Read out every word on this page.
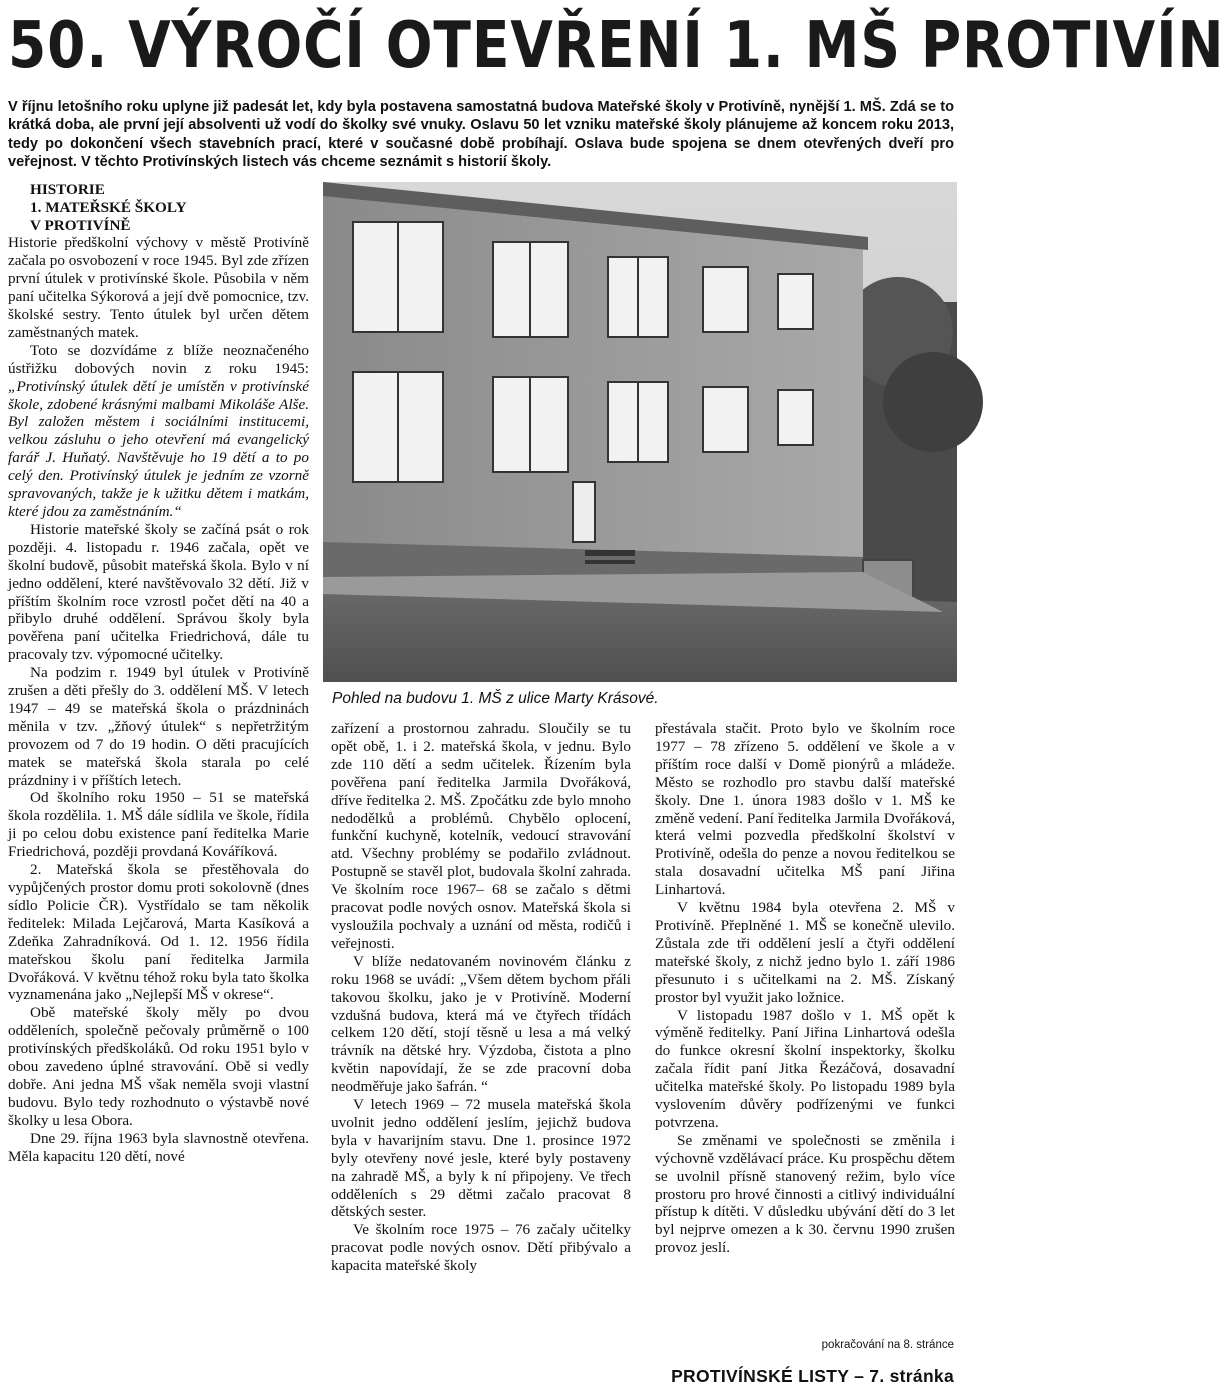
50. VÝROČÍ OTEVŘENÍ 1. MŠ PROTIVÍN
V říjnu letošního roku uplyne již padesát let, kdy byla postavena samostatná budova Mateřské školy v Protivíně, nynější 1. MŠ. Zdá se to krátká doba, ale první její absolventi už vodí do školky své vnuky. Oslavu 50 let vzniku mateřské školy plánujeme až koncem roku 2013, tedy po dokončení všech stavebních prací, které v současné době probíhají. Oslava bude spojena se dnem otevřených dveří pro veřejnost. V těchto Protivínských listech vás chceme seznámit s historií školy.

HISTORIE

1. MATEŘSKÉ ŠKOLY

V PROTIVÍNĚ

Historie předškolní výchovy v městě Protivíně začala po osvobození v roce 1945. Byl zde zřízen první útulek v protivínské škole. Působila v něm paní učitelka Sýkorová a její dvě pomocnice, tzv. školské sestry. Tento útulek byl určen dětem zaměstnaných matek.

Toto se dozvídáme z blíže neoznačeného ústřižku dobových novin z roku 1945: „Protivínský útulek dětí je umístěn v protivínské škole, zdobené krásnými malbami Mikoláše Alše. Byl založen městem i sociálními institucemi, velkou zásluhu o jeho otevření má evangelický farář J. Huňatý. Navštěvuje ho 19 dětí a to po celý den. Protivínský útulek je jedním ze vzorně spravovaných, takže je k užitku dětem i matkám, které jdou za zaměstnáním.“

Historie mateřské školy se začíná psát o rok později. 4. listopadu r. 1946 začala, opět ve školní budově, působit mateřská škola. Bylo v ní jedno oddělení, které navštěvovalo 32 dětí. Již v příštím školním roce vzrostl počet dětí na 40 a přibylo druhé oddělení. Správou školy byla pověřena paní učitelka Friedrichová, dále tu pracovaly tzv. výpomocné učitelky.

Na podzim r. 1949 byl útulek v Protivíně zrušen a děti přešly do 3. oddělení MŠ. V letech 1947 – 49 se mateřská škola o prázdninách měnila v tzv. „žňový útulek“ s nepřetržitým provozem od 7 do 19 hodin. O děti pracujících matek se mateřská škola starala po celé prázdniny i v příštích letech.

Od školního roku 1950 – 51 se mateřská škola rozdělila. 1. MŠ dále sídlila ve škole, řídila ji po celou dobu existence paní ředitelka Marie Friedrichová, později provdaná Kováříková.

2. Mateřská škola se přestěhovala do vypůjčených prostor domu proti sokolovně (dnes sídlo Policie ČR). Vystřídalo se tam několik ředitelek: Milada Lejčarová, Marta Kasíková a Zdeňka Zahradníková. Od 1. 12. 1956 řídila mateřskou školu paní ředitelka Jarmila Dvořáková. V květnu téhož roku byla tato školka vyznamenána jako „Nejlepší MŠ v okrese“.

Obě mateřské školy měly po dvou odděleních, společně pečovaly průměrně o 100 protivínských předškoláků. Od roku 1951 bylo v obou zavedeno úplné stravování. Obě si vedly dobře. Ani jedna MŠ však neměla svoji vlastní budovu. Bylo tedy rozhodnuto o výstavbě nové školky u lesa Obora.

Dne 29. října 1963 byla slavnostně otevřena. Měla kapacitu 120 dětí, nové

Pohled na budovu 1. MŠ z ulice Marty Krásové.

zařízení a prostornou zahradu. Sloučily se tu opět obě, 1. i 2. mateřská škola, v jednu. Bylo zde 110 dětí a sedm učitelek. Řízením byla pověřena paní ředitelka Jarmila Dvořáková, dříve ředitelka 2. MŠ. Zpočátku zde bylo mnoho nedodělků a problémů. Chybělo oplocení, funkční kuchyně, kotelník, vedoucí stravování atd. Všechny problémy se podařilo zvládnout. Postupně se stavěl plot, budovala školní zahrada. Ve školním roce 1967– 68 se začalo s dětmi pracovat podle nových osnov. Mateřská škola si vysloužila pochvaly a uznání od města, rodičů i veřejnosti.

V blíže nedatovaném novinovém článku z roku 1968 se uvádí: „Všem dětem bychom přáli takovou školku, jako je v Protivíně. Moderní vzdušná budova, která má ve čtyřech třídách celkem 120 dětí, stojí těsně u lesa a má velký trávník na dětské hry. Výzdoba, čistota a plno květin napovídají, že se zde pracovní doba neodměřuje jako šafrán. “

V letech 1969 – 72 musela mateřská škola uvolnit jedno oddělení jeslím, jejichž budova byla v havarijním stavu. Dne 1. prosince 1972 byly otevřeny nové jesle, které byly postaveny na zahradě MŠ, a byly k ní připojeny. Ve třech odděleních s 29 dětmi začalo pracovat 8 dětských sester.

Ve školním roce 1975 – 76 začaly učitelky pracovat podle nových osnov. Dětí přibývalo a kapacita mateřské školy

přestávala stačit. Proto bylo ve školním roce 1977 – 78 zřízeno 5. oddělení ve škole a v příštím roce další v Domě pionýrů a mládeže. Město se rozhodlo pro stavbu další mateřské školy. Dne 1. února 1983 došlo v 1. MŠ ke změně vedení. Paní ředitelka Jarmila Dvořáková, která velmi pozvedla předškolní školství v Protivíně, odešla do penze a novou ředitelkou se stala dosavadní učitelka MŠ paní Jiřina Linhartová.

V květnu 1984 byla otevřena 2. MŠ v Protivíně. Přeplněné 1. MŠ se konečně ulevilo. Zůstala zde tři oddělení jeslí a čtyři oddělení mateřské školy, z nichž jedno bylo 1. září 1986 přesunuto i s učitelkami na 2. MŠ. Získaný prostor byl využit jako ložnice.

V listopadu 1987 došlo v 1. MŠ opět k výměně ředitelky. Paní Jiřina Linhartová odešla do funkce okresní školní inspektorky, školku začala řídit paní Jitka Řezáčová, dosavadní učitelka mateřské školy. Po listopadu 1989 byla vyslovením důvěry podřízenými ve funkci potvrzena.

Se změnami ve společnosti se změnila i výchovně vzdělávací práce. Ku prospěchu dětem se uvolnil přísně stanovený režim, bylo více prostoru pro hrové činnosti a citlivý individuální přístup k dítěti. V důsledku ubývání dětí do 3 let byl nejprve omezen a k 30. červnu 1990 zrušen provoz jeslí.

pokračování na 8. stránce
PROTIVÍNSKÉ LISTY – 7. stránka
